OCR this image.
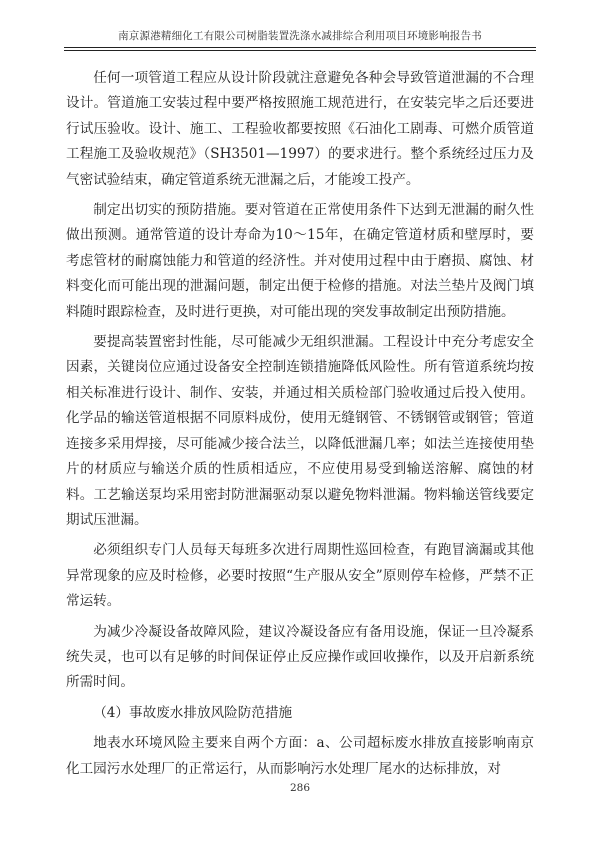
南京源港精细化工有限公司树脂装置洗涤水减排综合利用项目环境影响报告书

任何一项管道工程应从设计阶段就注意避免各种会导致管道泄漏的不合理设计。管道施工安装过程中要严格按照施工规范进行，在安装完毕之后还要进行试压验收。设计、施工、工程验收都要按照《石油化工剧毒、可燃介质管道工程施工及验收规范》（SH3501—1997）的要求进行。整个系统经过压力及气密试验结束，确定管道系统无泄漏之后，才能竣工投产。

制定出切实的预防措施。要对管道在正常使用条件下达到无泄漏的耐久性做出预测。通常管道的设计寿命为10～15年，在确定管道材质和壁厚时，要考虑管材的耐腐蚀能力和管道的经济性。并对使用过程中由于磨损、腐蚀、材料变化而可能出现的泄漏问题，制定出便于检修的措施。对法兰垫片及阀门填料随时跟踪检查，及时进行更换，对可能出现的突发事故制定出预防措施。

要提高装置密封性能，尽可能减少无组织泄漏。工程设计中充分考虑安全因素，关键岗位应通过设备安全控制连锁措施降低风险性。所有管道系统均按相关标准进行设计、制作、安装，并通过相关质检部门验收通过后投入使用。化学品的输送管道根据不同原料成份，使用无缝钢管、不锈钢管或钢管；管道连接多采用焊接，尽可能减少接合法兰，以降低泄漏几率；如法兰连接使用垫片的材质应与输送介质的性质相适应，不应使用易受到输送溶解、腐蚀的材料。工艺输送泵均采用密封防泄漏驱动泵以避免物料泄漏。物料输送管线要定期试压泄漏。

必须组织专门人员每天每班多次进行周期性巡回检查，有跑冒滴漏或其他异常现象的应及时检修，必要时按照“生产服从安全”原则停车检修，严禁不正常运转。

为减少冷凝设备故障风险，建议冷凝设备应有备用设施，保证一旦冷凝系统失灵，也可以有足够的时间保证停止反应操作或回收操作，以及开启新系统所需时间。

（4）事故废水排放风险防范措施

地表水环境风险主要来自两个方面：a、公司超标废水排放直接影响南京化工园污水处理厂的正常运行，从而影响污水处理厂尾水的达标排放，对

286
